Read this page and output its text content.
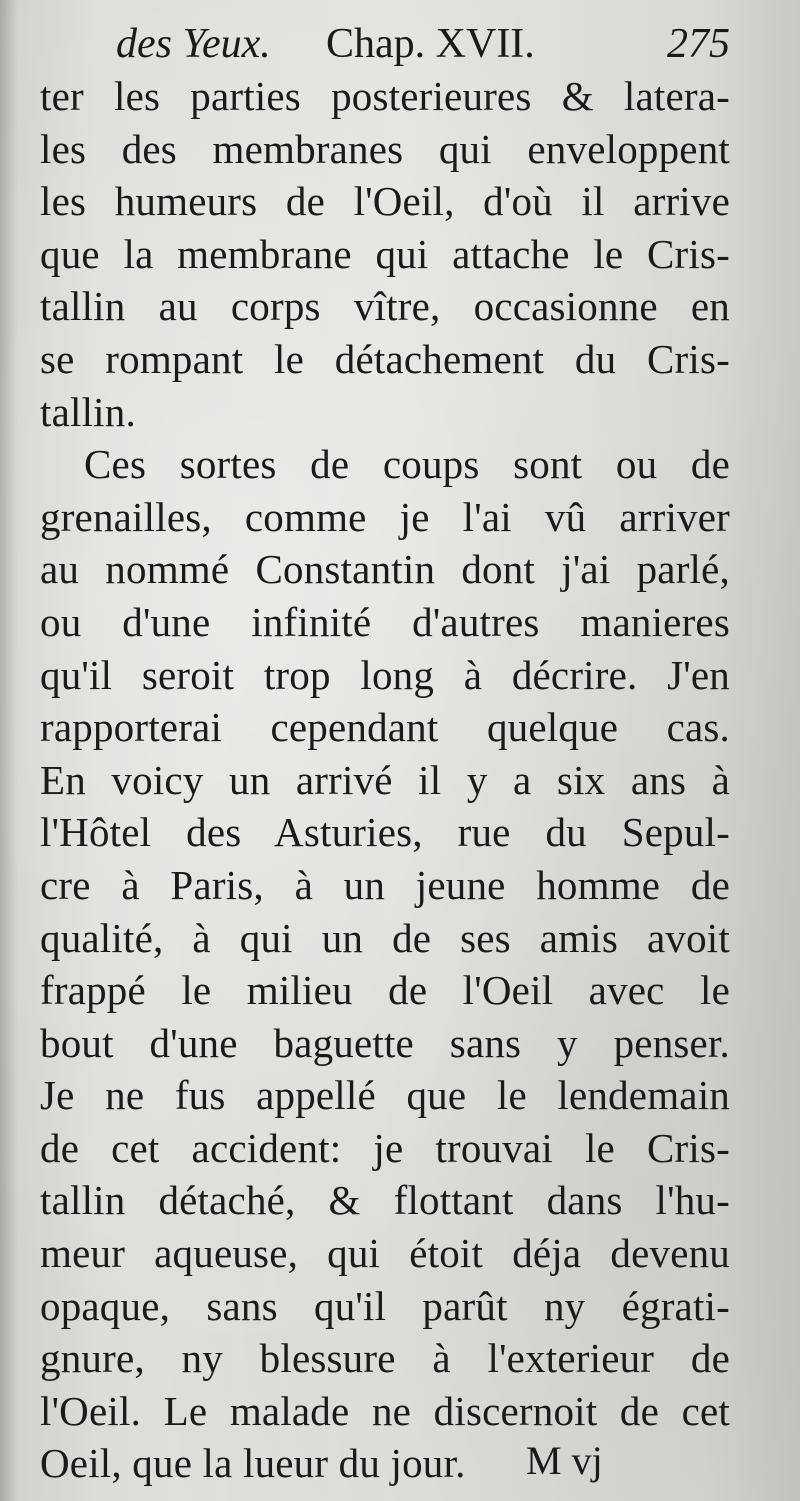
des Yeux. Chap. XVII.	275
ter les parties posterieures & latera-
les des membranes qui enveloppent
les humeurs de l'Oeil, d'où il arrive
que la membrane qui attache le Cris-
tallin au corps vître, occasionne en
se rompant le détachement du Cris-
tallin.
Ces sortes de coups sont ou de
grenailles, comme je l'ai vû arriver
au nommé Constantin dont j'ai parlé,
ou d'une infinité d'autres manieres
qu'il seroit trop long à décrire. J'en
rapporterai cependant quelque cas.
En voicy un arrivé il y a six ans à
l'Hôtel des Asturies, rue du Sepul-
cre à Paris, à un jeune homme de
qualité, à qui un de ses amis avoit
frappé le milieu de l'Oeil avec le
bout d'une baguette sans y penser.
Je ne fus appellé que le lendemain
de cet accident: je trouvai le Cris-
tallin détaché, & flottant dans l'hu-
meur aqueuse, qui étoit déja devenu
opaque, sans qu'il parût ny égrati-
gnure, ny blessure à l'exterieur de
l'Oeil. Le malade ne discernoit de cet
Oeil, que la lueur du jour.	M vj
